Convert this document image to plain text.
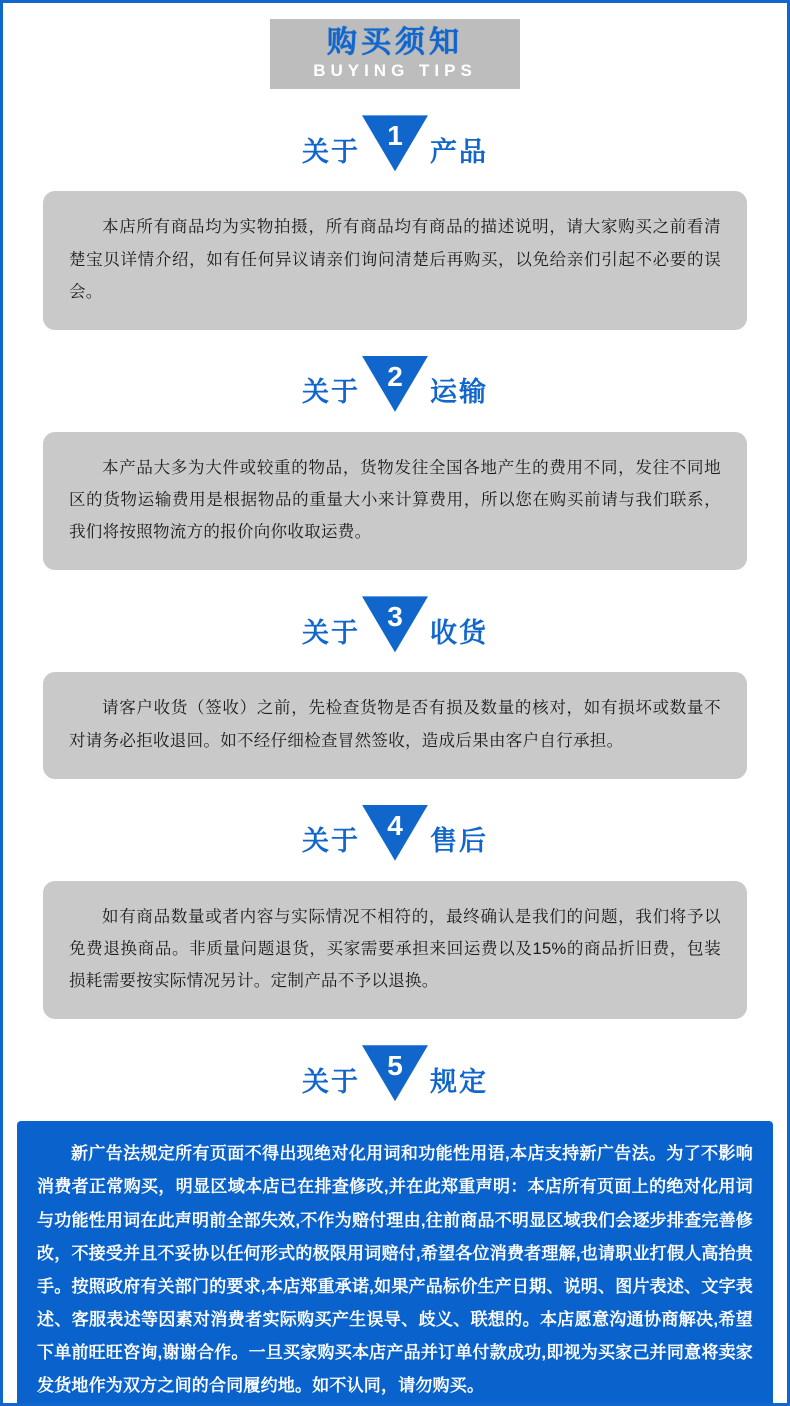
购买须知
BUYING TIPS
关于
1
产品

本店所有商品均为实物拍摄，所有商品均有商品的描述说明，请大家购买之前看清楚宝贝详情介绍，如有任何异议请亲们询问清楚后再购买，以免给亲们引起不必要的误会。

关于
2
运输

本产品大多为大件或较重的物品，货物发往全国各地产生的费用不同，发往不同地区的货物运输费用是根据物品的重量大小来计算费用，所以您在购买前请与我们联系，我们将按照物流方的报价向你收取运费。

关于
3
收货

请客户收货（签收）之前，先检查货物是否有损及数量的核对，如有损坏或数量不对请务必拒收退回。如不经仔细检查冒然签收，造成后果由客户自行承担。

关于
4
售后

如有商品数量或者内容与实际情况不相符的，最终确认是我们的问题，我们将予以免费退换商品。非质量问题退货，买家需要承担来回运费以及15%的商品折旧费，包装损耗需要按实际情况另计。定制产品不予以退换。

关于
5
规定

新广告法规定所有页面不得出现绝对化用词和功能性用语,本店支持新广告法。为了不影响消费者正常购买，明显区域本店已在排查修改,并在此郑重声明：本店所有页面上的绝对化用词与功能性用词在此声明前全部失效,不作为赔付理由,往前商品不明显区域我们会逐步排查完善修改，不接受并且不妥协以任何形式的极限用词赔付,希望各位消费者理解,也请职业打假人高抬贵手。按照政府有关部门的要求,本店郑重承诺,如果产品标价生产日期、说明、图片表述、文字表述、客服表述等因素对消费者实际购买产生误导、歧义、联想的。本店愿意沟通协商解决,希望下单前旺旺咨询,谢谢合作。一旦买家购买本店产品并订单付款成功,即视为买家己并同意将卖家发货地作为双方之间的合同履约地。如不认同，请勿购买。
